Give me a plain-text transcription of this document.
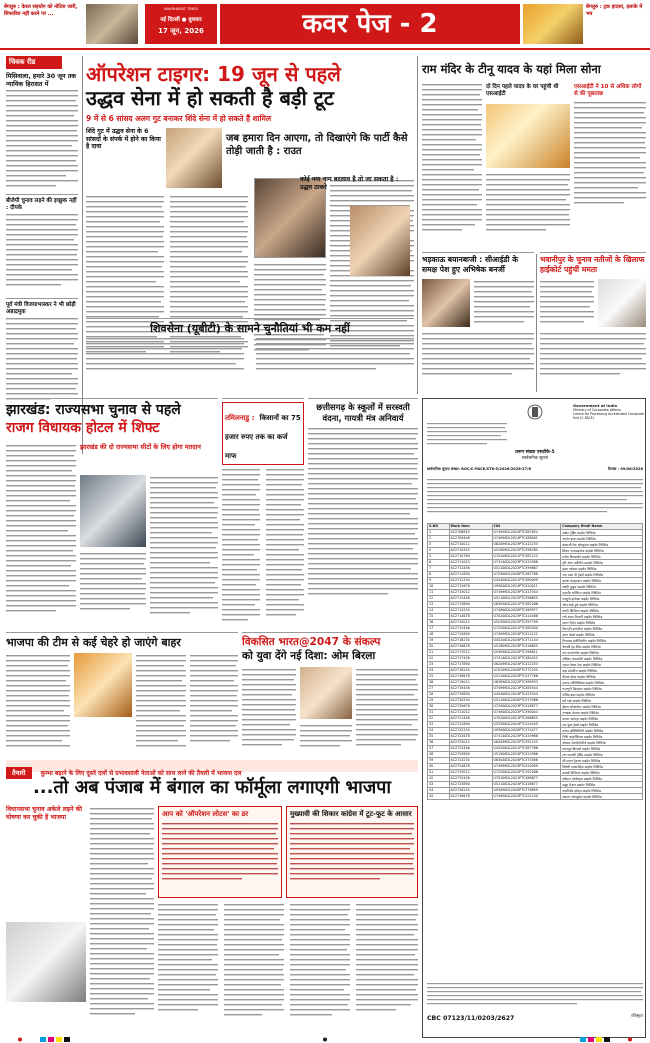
बेंगलुरु : केरल सहयोग को नोटिस जारी, सिफारिश नहीं करने पर ...
NAVBHARAT TIMES
नई दिल्ली ● बुधवार
17 जून, 2026	कवर पेज - 2
बेंगलुरु : ट्रक हादसा, इलाके में भय
चिवक रीड
मिसिवाला, हमारे 30 जून तक न्यायिक हिरासत में
बीजेपी चुनाव लड़ने की इच्छुक नहीं : दीपके
पूर्व मंत्री विजयाभास्कर ने भी छोड़ी अन्नाद्रमुक
ऑपरेशन टाइगर: 19 जून से पहले
उद्धव सेना में हो सकती है बड़ी टूट
9 में से 6 सांसद अलग गुट बनाकर शिंदे सेना में हो सकते हैं शामिल
शिंदे गुट में उद्धव सेना के 6 सांसदों के संपर्क में होने का किया है दावा
जब हमारा दिन आएगा, तो दिखाएंगे कि पार्टी कैसे तोड़ी जाती है : राउत
कोई नया नाम बदलाव है तो जा सकता है : उद्धव ठाकरे
शिवसेना (यूबीटी) के सामने चुनौतियां भी कम नहीं
राम मंदिर के टीनू यादव के यहां मिला सोना
दो दिन पहले यादव के घर पहुंची थी एसआईटी
एसआईटी ने 10 से अधिक लोगों से की पूछताछ
भड़काऊ बयानबाजी : सीआईडी के समक्ष पेश हुए अभिषेक बनर्जी
भवानीपुर के चुनाव नतीजों के खिलाफ हाईकोर्ट पहुंचीं ममता
झारखंड: राज्यसभा चुनाव से पहले
राजग विधायक होटल में शिफ्ट
झारखंड की दो राज्यसभा सीटों के लिए होगा मतदान
तमिलनाडु : किसानों का 75 हजार रुपए तक का कर्ज माफ
छत्तीसगढ़ के स्कूलों में सरस्वती वंदना, गायत्री मंत्र अनिवार्य
भाजपा की टीम से कई चेहरे हो जाएंगे बाहर	विकसित भारत@2047 के संकल्प
को युवा देंगे नई दिशा: ओम बिरला
तैयारी	कुम्भा बढ़ाने के लिए दूसरे दलों से प्रभावशाली नेताओं को साथ लाने की तैयारी में भाजपा दल
...तो अब पंजाब में बंगाल का फॉर्मूला लगाएगी भाजपा
विधानसभा चुनाव अकेले लड़ने की घोषणा कर चुकी है भाजपा	आप को 'ऑपरेशन लोटस' का डर	मुख्यावी की शिकार कांग्रेस में टूट-फूट के आसार
Government of India
Ministry of Corporate Affairs
Centre for Processing Accelerated Corporate Exit (C-PACE)
प्ररूप संख्या एसटीके-5
सार्वजनिक सूचना
सार्वजनिक सूचना संख्या: ROC/C-PACE/STK-5/2026/2026-27/6	दिनांक : 09/06/2026
S.NO	Work Item	CIN	Company Hindi Name
1	AC2708845	U74999DL2024PTC387654	अक्षत ट्रेडिंग प्राइवेट लिमिटेड
2	AC2709446	U74999DL2024PTC388001	आर्यन इन्फ्रा प्राइवेट लिमिटेड
3	AC2710012	U62099DL2023PTC412233	बालाजी टेक सॉल्यूशंस प्राइवेट लिमिटेड
4	AC2710355	U51909DL2022PTC398765	शिवम एंटरप्राइजेज प्राइवेट लिमिटेड
5	AC2710789	U70109DL2021PTC381122	गणेश बिल्डकॉन प्राइवेट लिमिटेड
6	AC2711023	U74140DL2023PTC415566	हरि ओम मार्केटिंग प्राइवेट लिमिटेड
7	AC2711456	U52100DL2022PTC399887	इंडस ग्लोबल प्राइवेट लिमिटेड
8	AC2711890	U72900DL2020PTC367788	जय माता दी ट्रेडर्स प्राइवेट लिमिटेड
9	AC2712234	U45400DL2021PTC380099	कृष्णा कंस्ट्रक्शन प्राइवेट लिमिटेड
10	AC2712678	U93000DL2024PTC420011	लक्ष्मी फूड्स प्राइवेट लिमिटेड
11	AC2713012	U74999DL2023PTC413344	महावीर सर्विसेज प्राइवेट लिमिटेड
12	AC2713456	U51100DL2022PTC396655	नवदुर्गा इम्पेक्स प्राइवेट लिमिटेड
13	AC2713890	U63040DL2021PTC382266	ओम साईं टूर्स प्राइवेट लिमिटेड
14	AC2714234	U74900DL2020PTC369977	प्रगति डिजिटल प्राइवेट लिमिटेड
15	AC2714678	U70200DL2023PTC414488	राधे श्याम रियल्टी प्राइवेट लिमिटेड
16	AC2715012	U52300DL2022PTC397799	सागर रिटेल प्राइवेट लिमिटेड
17	AC2715456	U72200DL2021PTC383300	तिरुपति इन्फोटेक प्राइवेट लिमिटेड
18	AC2715890	U74999DL2024PTC421122	उमंग वेंचर्स प्राइवेट लिमिटेड
19	AC2716234	U45200DL2020PTC371144	विनायक इंजीनियरिंग प्राइवेट लिमिटेड
20	AC2716678	U51909DL2023PTC416655	वैष्णवी ट्रेड लिंक प्राइवेट लिमिटेड
21	AC2717012	U93090DL2022PTC398811	यश एंटरटेनमेंट प्राइवेट लिमिटेड
22	AC2717456	U74140DL2021PTC384422	अंबिका कंसल्टेंसी प्राइवेट लिमिटेड
23	AC2717890	U62099DL2024PTC422233	भारत नेक्स्ट टेक प्राइवेट लिमिटेड
24	AC2718234	U70109DL2020PTC372255	चंद्रा प्रॉपर्टीज प्राइवेट लिमिटेड
25	AC2718678	U52100DL2023PTC417766	दीपक होम्स प्राइवेट लिमिटेड
26	AC2719012	U63090DL2022PTC399933	एकता लॉजिस्टिक्स प्राइवेट लिमिटेड
27	AC2719456	U74999DL2021PTC385544	फाल्गुनी क्रिएशंस प्राइवेट लिमिटेड
28	AC2719890	U45400DL2024PTC423344	गोविंद इंफ्रा प्राइवेट लिमिटेड
29	AC2720234	U51100DL2020PTC373366	हर्ष एग्रो प्राइवेट लिमिटेड
30	AC2720678	U72900DL2023PTC418877	ईशान सॉफ्टवेयर प्राइवेट लिमिटेड
31	AC2721012	U74900DL2022PTC390044	जगदंबा मेटल्स प्राइवेट लिमिटेड
32	AC2721456	U70200DL2021PTC386655	कमल एस्टेट्स प्राइवेट लिमिटेड
33	AC2721890	U52300DL2024PTC424455	लव कुश ट्रेडर्स प्राइवेट लिमिटेड
34	AC2722234	U93000DL2020PTC374477	माधव हॉस्पिटैलिटी प्राइवेट लिमिटेड
35	AC2722678	U74140DL2023PTC419988	निधि फाइनेंशियल प्राइवेट लिमिटेड
36	AC2723012	U62099DL2022PTC391155	ओजस टेक्नोलॉजीज प्राइवेट लिमिटेड
37	AC2723456	U45200DL2021PTC387766	पवनपुत्र बिल्डर्स प्राइवेट लिमिटेड
38	AC2723890	U51909DL2024PTC425566	राम जानकी ट्रेडिंग प्राइवेट लिमिटेड
39	AC2724234	U63040DL2020PTC375588	श्री श्याम ट्रैवल्स प्राइवेट लिमिटेड
40	AC2724678	U74999DL2023PTC420099	त्रिवेणी एक्सपोर्ट्स प्राइवेट लिमिटेड
41	AC2725012	U72200DL2022PTC392266	उत्कर्ष डिजिटल प्राइवेट लिमिटेड
42	AC2725456	U70109DL2021PTC388877	वर्धमान प्रोजेक्ट्स प्राइवेट लिमिटेड
43	AC2725890	U52100DL2024PTC426677	श्रद्धा फैशन प्राइवेट लिमिटेड
44	AC2726234	U93090DL2020PTC376699	आशीर्वाद इवेंट्स प्राइवेट लिमिटेड
45	AC2726678	U74900DL2023PTC421100	संकल्प सॉल्यूशंस प्राइवेट लिमिटेड
CBC 07123/11/0203/2627	रजिस्ट्रार
